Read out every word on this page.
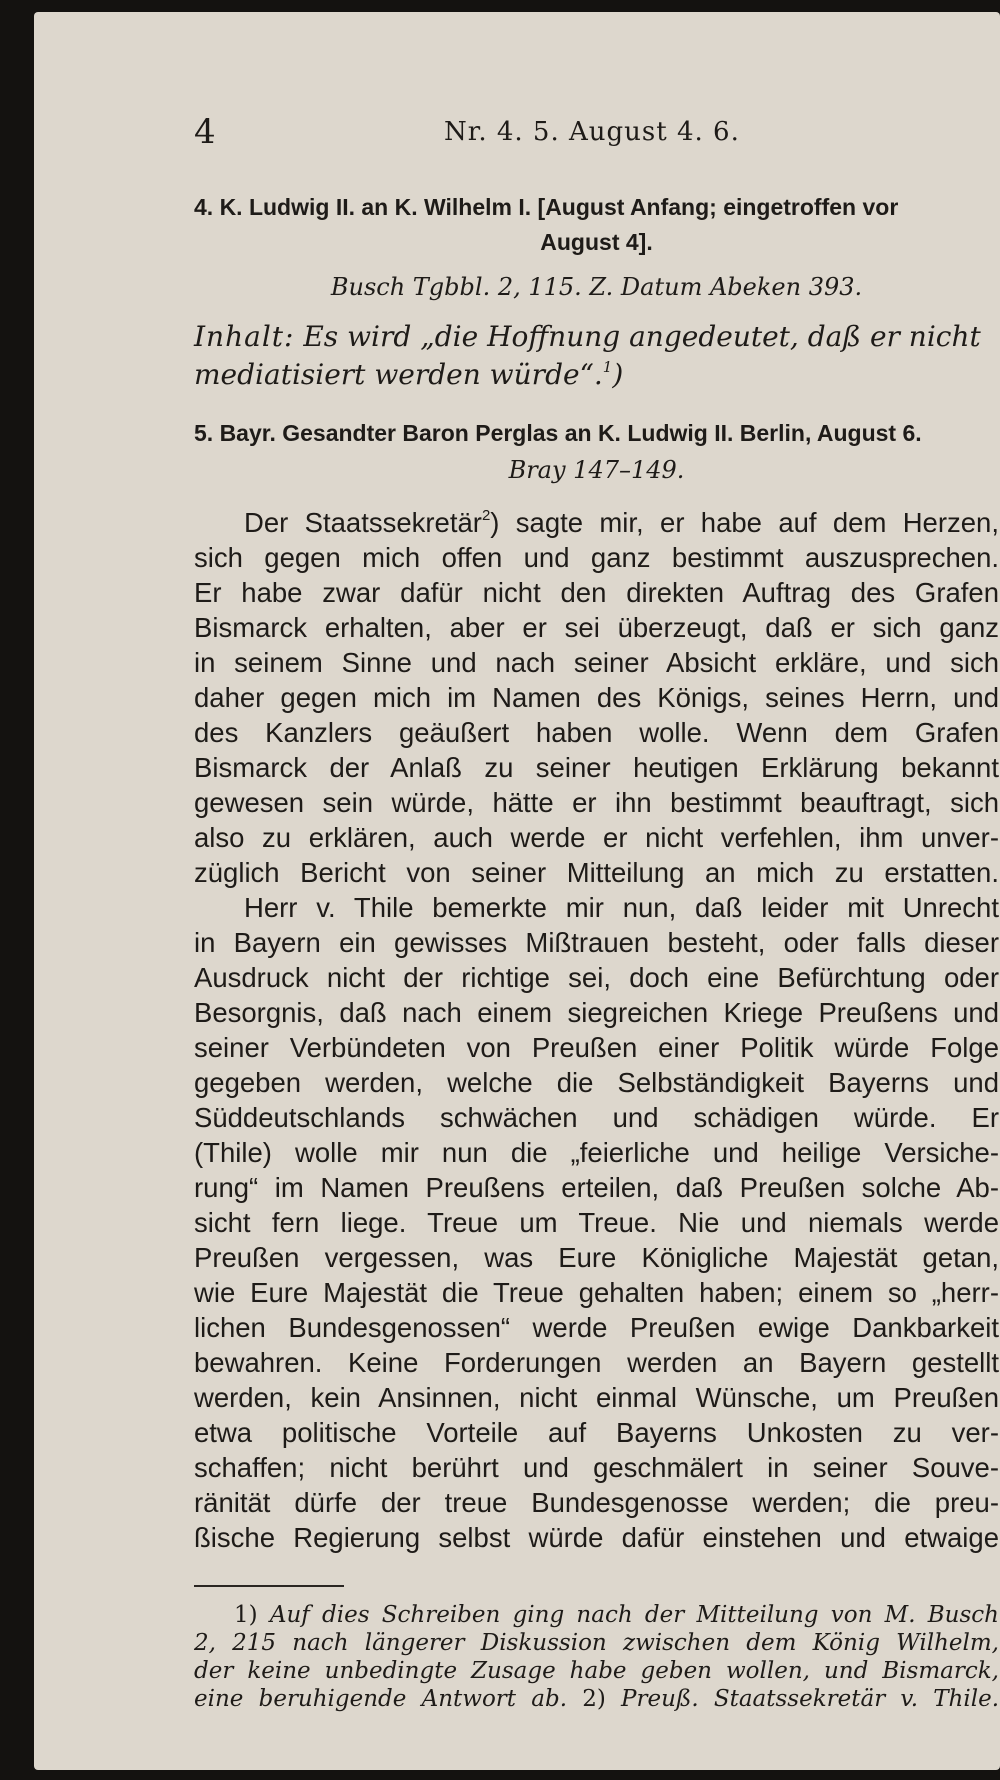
4	Nr. 4. 5. August 4. 6.
4. K. Ludwig II. an K. Wilhelm I. [August Anfang; eingetroffen vor
August 4].
Busch Tgbbl. 2, 115. Z. Datum Abeken 393.
Inhalt: Es wird „die Hoffnung angedeutet, daß er nicht
mediatisiert werden würde“.$^1$)
5. Bayr. Gesandter Baron Perglas an K. Ludwig II. Berlin, August 6.
Bray 147–149.
Der Staatssekretär$^2$) sagte mir, er habe auf dem Herzen,
sich gegen mich offen und ganz bestimmt auszusprechen.
Er habe zwar dafür nicht den direkten Auftrag des Grafen
Bismarck erhalten, aber er sei überzeugt, daß er sich ganz
in seinem Sinne und nach seiner Absicht erkläre, und sich
daher gegen mich im Namen des Königs, seines Herrn, und
des Kanzlers geäußert haben wolle. Wenn dem Grafen
Bismarck der Anlaß zu seiner heutigen Erklärung bekannt
gewesen sein würde, hätte er ihn bestimmt beauftragt, sich
also zu erklären, auch werde er nicht verfehlen, ihm unver-
züglich Bericht von seiner Mitteilung an mich zu erstatten.
Herr v. Thile bemerkte mir nun, daß leider mit Unrecht
in Bayern ein gewisses Mißtrauen besteht, oder falls dieser
Ausdruck nicht der richtige sei, doch eine Befürchtung oder
Besorgnis, daß nach einem siegreichen Kriege Preußens und
seiner Verbündeten von Preußen einer Politik würde Folge
gegeben werden, welche die Selbständigkeit Bayerns und
Süddeutschlands schwächen und schädigen würde. Er
(Thile) wolle mir nun die „feierliche und heilige Versiche-
rung“ im Namen Preußens erteilen, daß Preußen solche Ab-
sicht fern liege. Treue um Treue. Nie und niemals werde
Preußen vergessen, was Eure Königliche Majestät getan,
wie Eure Majestät die Treue gehalten haben; einem so „herr-
lichen Bundesgenossen“ werde Preußen ewige Dankbarkeit
bewahren. Keine Forderungen werden an Bayern gestellt
werden, kein Ansinnen, nicht einmal Wünsche, um Preußen
etwa politische Vorteile auf Bayerns Unkosten zu ver-
schaffen; nicht berührt und geschmälert in seiner Souve-
ränität dürfe der treue Bundesgenosse werden; die preu-
ßische Regierung selbst würde dafür einstehen und etwaige
1) Auf dies Schreiben ging nach der Mitteilung von M. Busch
2, 215 nach längerer Diskussion zwischen dem König Wilhelm,
der keine unbedingte Zusage habe geben wollen, und Bismarck,
eine beruhigende Antwort ab. 2) Preuß. Staatssekretär v. Thile.
